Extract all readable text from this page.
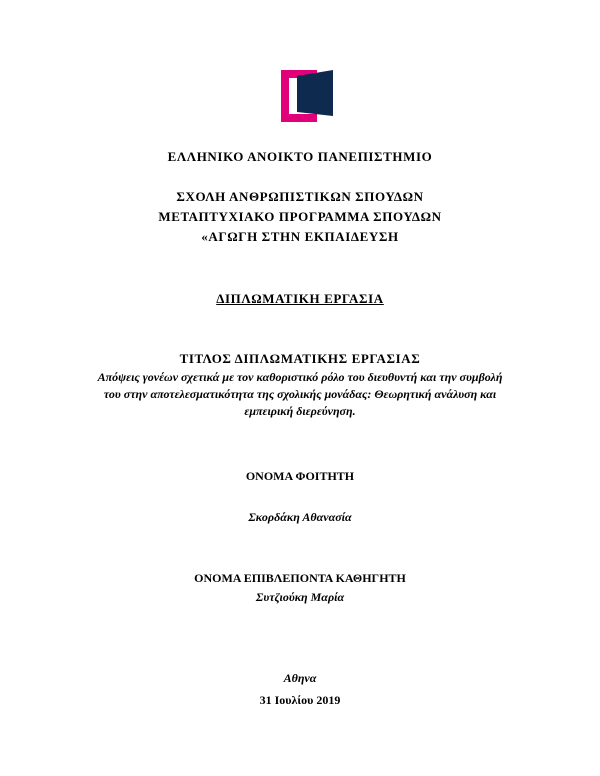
ΕΛΛΗΝΙΚΟ ΑΝΟΙΚΤΟ ΠΑΝΕΠΙΣΤΗΜΙΟ
ΣΧΟΛΗ ΑΝΘΡΩΠΙΣΤΙΚΩΝ ΣΠΟΥΔΩΝ
ΜΕΤΑΠΤΥΧΙΑΚΟ ΠΡΟΓΡΑΜΜΑ ΣΠΟΥΔΩΝ
«ΑΓΩΓΗ ΣΤΗΝ ΕΚΠΑΙΔΕΥΣΗ
ΔΙΠΛΩΜΑΤΙΚΗ ΕΡΓΑΣΙΑ
ΤΙΤΛΟΣ ΔΙΠΛΩΜΑΤΙΚΗΣ ΕΡΓΑΣΙΑΣ
Απόψεις γονέων σχετικά με τον καθοριστικό ρόλο του διευθυντή και την συμβολή του στην αποτελεσματικότητα της σχολικής μονάδας: Θεωρητική ανάλυση και εμπειρική διερεύνηση.
ΟΝΟΜΑ ΦΟΙΤΗΤΗ
Σκορδάκη Αθανασία
ΟΝΟΜΑ ΕΠΙΒΛΕΠΟΝΤΑ ΚΑΘΗΓΗΤΗ
Συτζιούκη Μαρία
Αθηνα
31 Ιουλίου 2019
